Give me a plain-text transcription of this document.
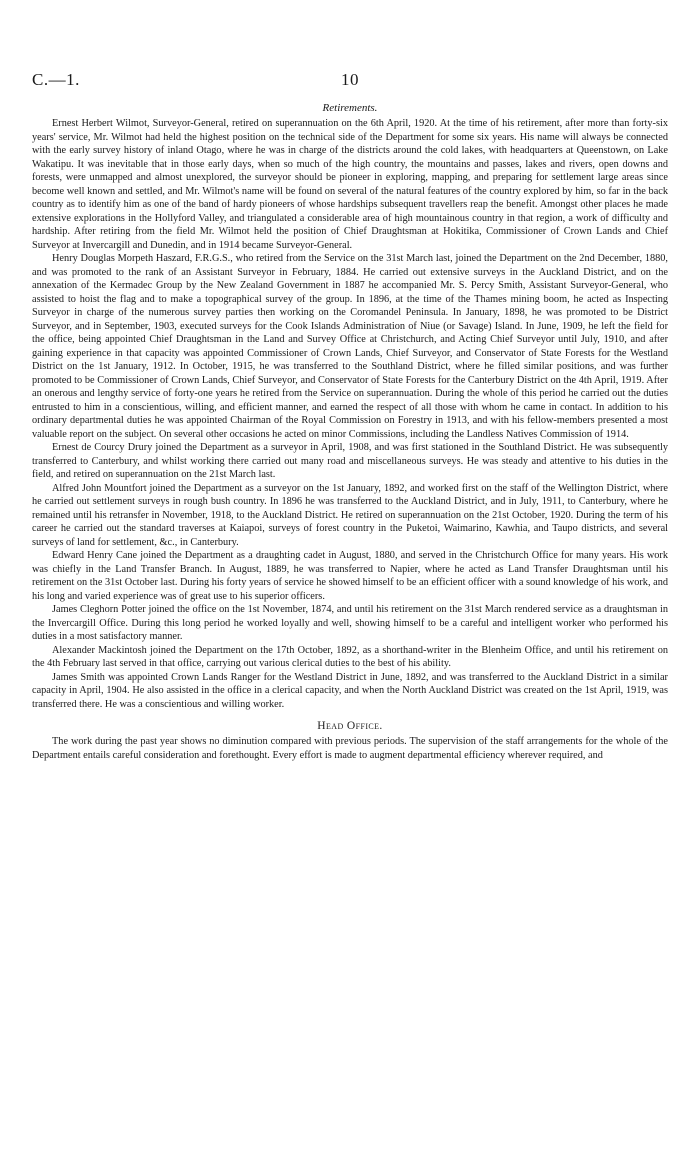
C.—1.	10
Retirements.

Ernest Herbert Wilmot, Surveyor-General, retired on superannuation on the 6th April, 1920. At the time of his retirement, after more than forty-six years' service, Mr. Wilmot had held the highest position on the technical side of the Department for some six years. His name will always be connected with the early survey history of inland Otago, where he was in charge of the districts around the cold lakes, with headquarters at Queenstown, on Lake Wakatipu. It was inevitable that in those early days, when so much of the high country, the mountains and passes, lakes and rivers, open downs and forests, were unmapped and almost unexplored, the surveyor should be pioneer in exploring, mapping, and preparing for settlement large areas since become well known and settled, and Mr. Wilmot's name will be found on several of the natural features of the country explored by him, so far in the back country as to identify him as one of the band of hardy pioneers of whose hardships subsequent travellers reap the benefit. Amongst other places he made extensive explorations in the Hollyford Valley, and triangulated a considerable area of high mountainous country in that region, a work of difficulty and hardship. After retiring from the field Mr. Wilmot held the position of Chief Draughtsman at Hokitika, Commissioner of Crown Lands and Chief Surveyor at Invercargill and Dunedin, and in 1914 became Surveyor-General.

Henry Douglas Morpeth Haszard, F.R.G.S., who retired from the Service on the 31st March last, joined the Department on the 2nd December, 1880, and was promoted to the rank of an Assistant Surveyor in February, 1884. He carried out extensive surveys in the Auckland District, and on the annexation of the Kermadec Group by the New Zealand Government in 1887 he accompanied Mr. S. Percy Smith, Assistant Surveyor-General, who assisted to hoist the flag and to make a topographical survey of the group. In 1896, at the time of the Thames mining boom, he acted as Inspecting Surveyor in charge of the numerous survey parties then working on the Coromandel Peninsula. In January, 1898, he was promoted to be District Surveyor, and in September, 1903, executed surveys for the Cook Islands Administration of Niue (or Savage) Island. In June, 1909, he left the field for the office, being appointed Chief Draughtsman in the Land and Survey Office at Christchurch, and Acting Chief Surveyor until July, 1910, and after gaining experience in that capacity was appointed Commissioner of Crown Lands, Chief Surveyor, and Conservator of State Forests for the Westland District on the 1st January, 1912. In October, 1915, he was transferred to the Southland District, where he filled similar positions, and was further promoted to be Commissioner of Crown Lands, Chief Surveyor, and Conservator of State Forests for the Canterbury District on the 4th April, 1919. After an onerous and lengthy service of forty-one years he retired from the Service on superannuation. During the whole of this period he carried out the duties entrusted to him in a conscientious, willing, and efficient manner, and earned the respect of all those with whom he came in contact. In addition to his ordinary departmental duties he was appointed Chairman of the Royal Commission on Forestry in 1913, and with his fellow-members presented a most valuable report on the subject. On several other occasions he acted on minor Commissions, including the Landless Natives Commission of 1914.

Ernest de Courcy Drury joined the Department as a surveyor in April, 1908, and was first stationed in the Southland District. He was subsequently transferred to Canterbury, and whilst working there carried out many road and miscellaneous surveys. He was steady and attentive to his duties in the field, and retired on superannuation on the 21st March last.

Alfred John Mountfort joined the Department as a surveyor on the 1st January, 1892, and worked first on the staff of the Wellington District, where he carried out settlement surveys in rough bush country. In 1896 he was transferred to the Auckland District, and in July, 1911, to Canterbury, where he remained until his retransfer in November, 1918, to the Auckland District. He retired on superannuation on the 21st October, 1920. During the term of his career he carried out the standard traverses at Kaiapoi, surveys of forest country in the Puketoi, Waimarino, Kawhia, and Taupo districts, and several surveys of land for settlement, &c., in Canterbury.

Edward Henry Cane joined the Department as a draughting cadet in August, 1880, and served in the Christchurch Office for many years. His work was chiefly in the Land Transfer Branch. In August, 1889, he was transferred to Napier, where he acted as Land Transfer Draughtsman until his retirement on the 31st October last. During his forty years of service he showed himself to be an efficient officer with a sound knowledge of his work, and his long and varied experience was of great use to his superior officers.

James Cleghorn Potter joined the office on the 1st November, 1874, and until his retirement on the 31st March rendered service as a draughtsman in the Invercargill Office. During this long period he worked loyally and well, showing himself to be a careful and intelligent worker who performed his duties in a most satisfactory manner.

Alexander Mackintosh joined the Department on the 17th October, 1892, as a shorthand-writer in the Blenheim Office, and until his retirement on the 4th February last served in that office, carrying out various clerical duties to the best of his ability.

James Smith was appointed Crown Lands Ranger for the Westland District in June, 1892, and was transferred to the Auckland District in a similar capacity in April, 1904. He also assisted in the office in a clerical capacity, and when the North Auckland District was created on the 1st April, 1919, was transferred there. He was a conscientious and willing worker.

Head Office.

The work during the past year shows no diminution compared with previous periods. The supervision of the staff arrangements for the whole of the Department entails careful consideration and forethought. Every effort is made to augment departmental efficiency wherever required, and
